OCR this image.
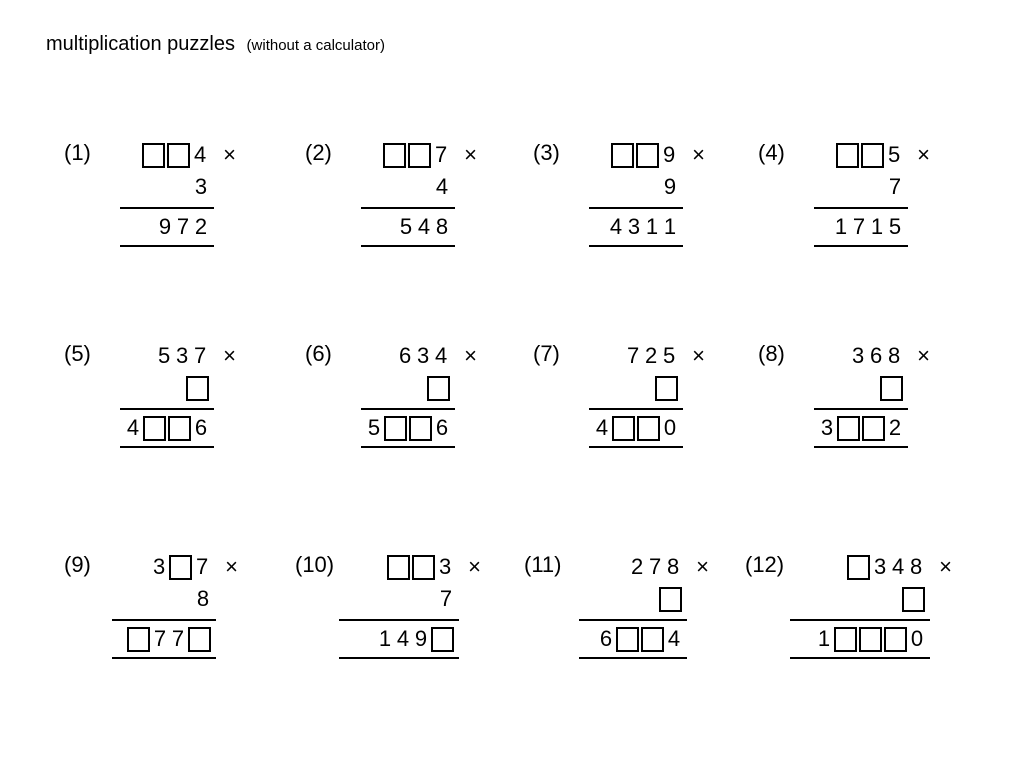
multiplication puzzles (without a calculator)
(1)	4 ×
3
9 7 2
(2)	7 ×
4
5 4 8
(3)	9 ×
9
4 3 1 1
(4)	5 ×
7
1 7 1 5
(5)	5 3 7 ×
4	6
(6)	6 3 4 ×
5	6
(7)	7 2 5 ×
4	0
(8)	3 6 8 ×
3	2
(9)	3 7 ×
8
7 7
(10)	3 ×
7
1 4 9
(11)	2 7 8 ×
6	4
(12)	3 4 8 ×
1	0
